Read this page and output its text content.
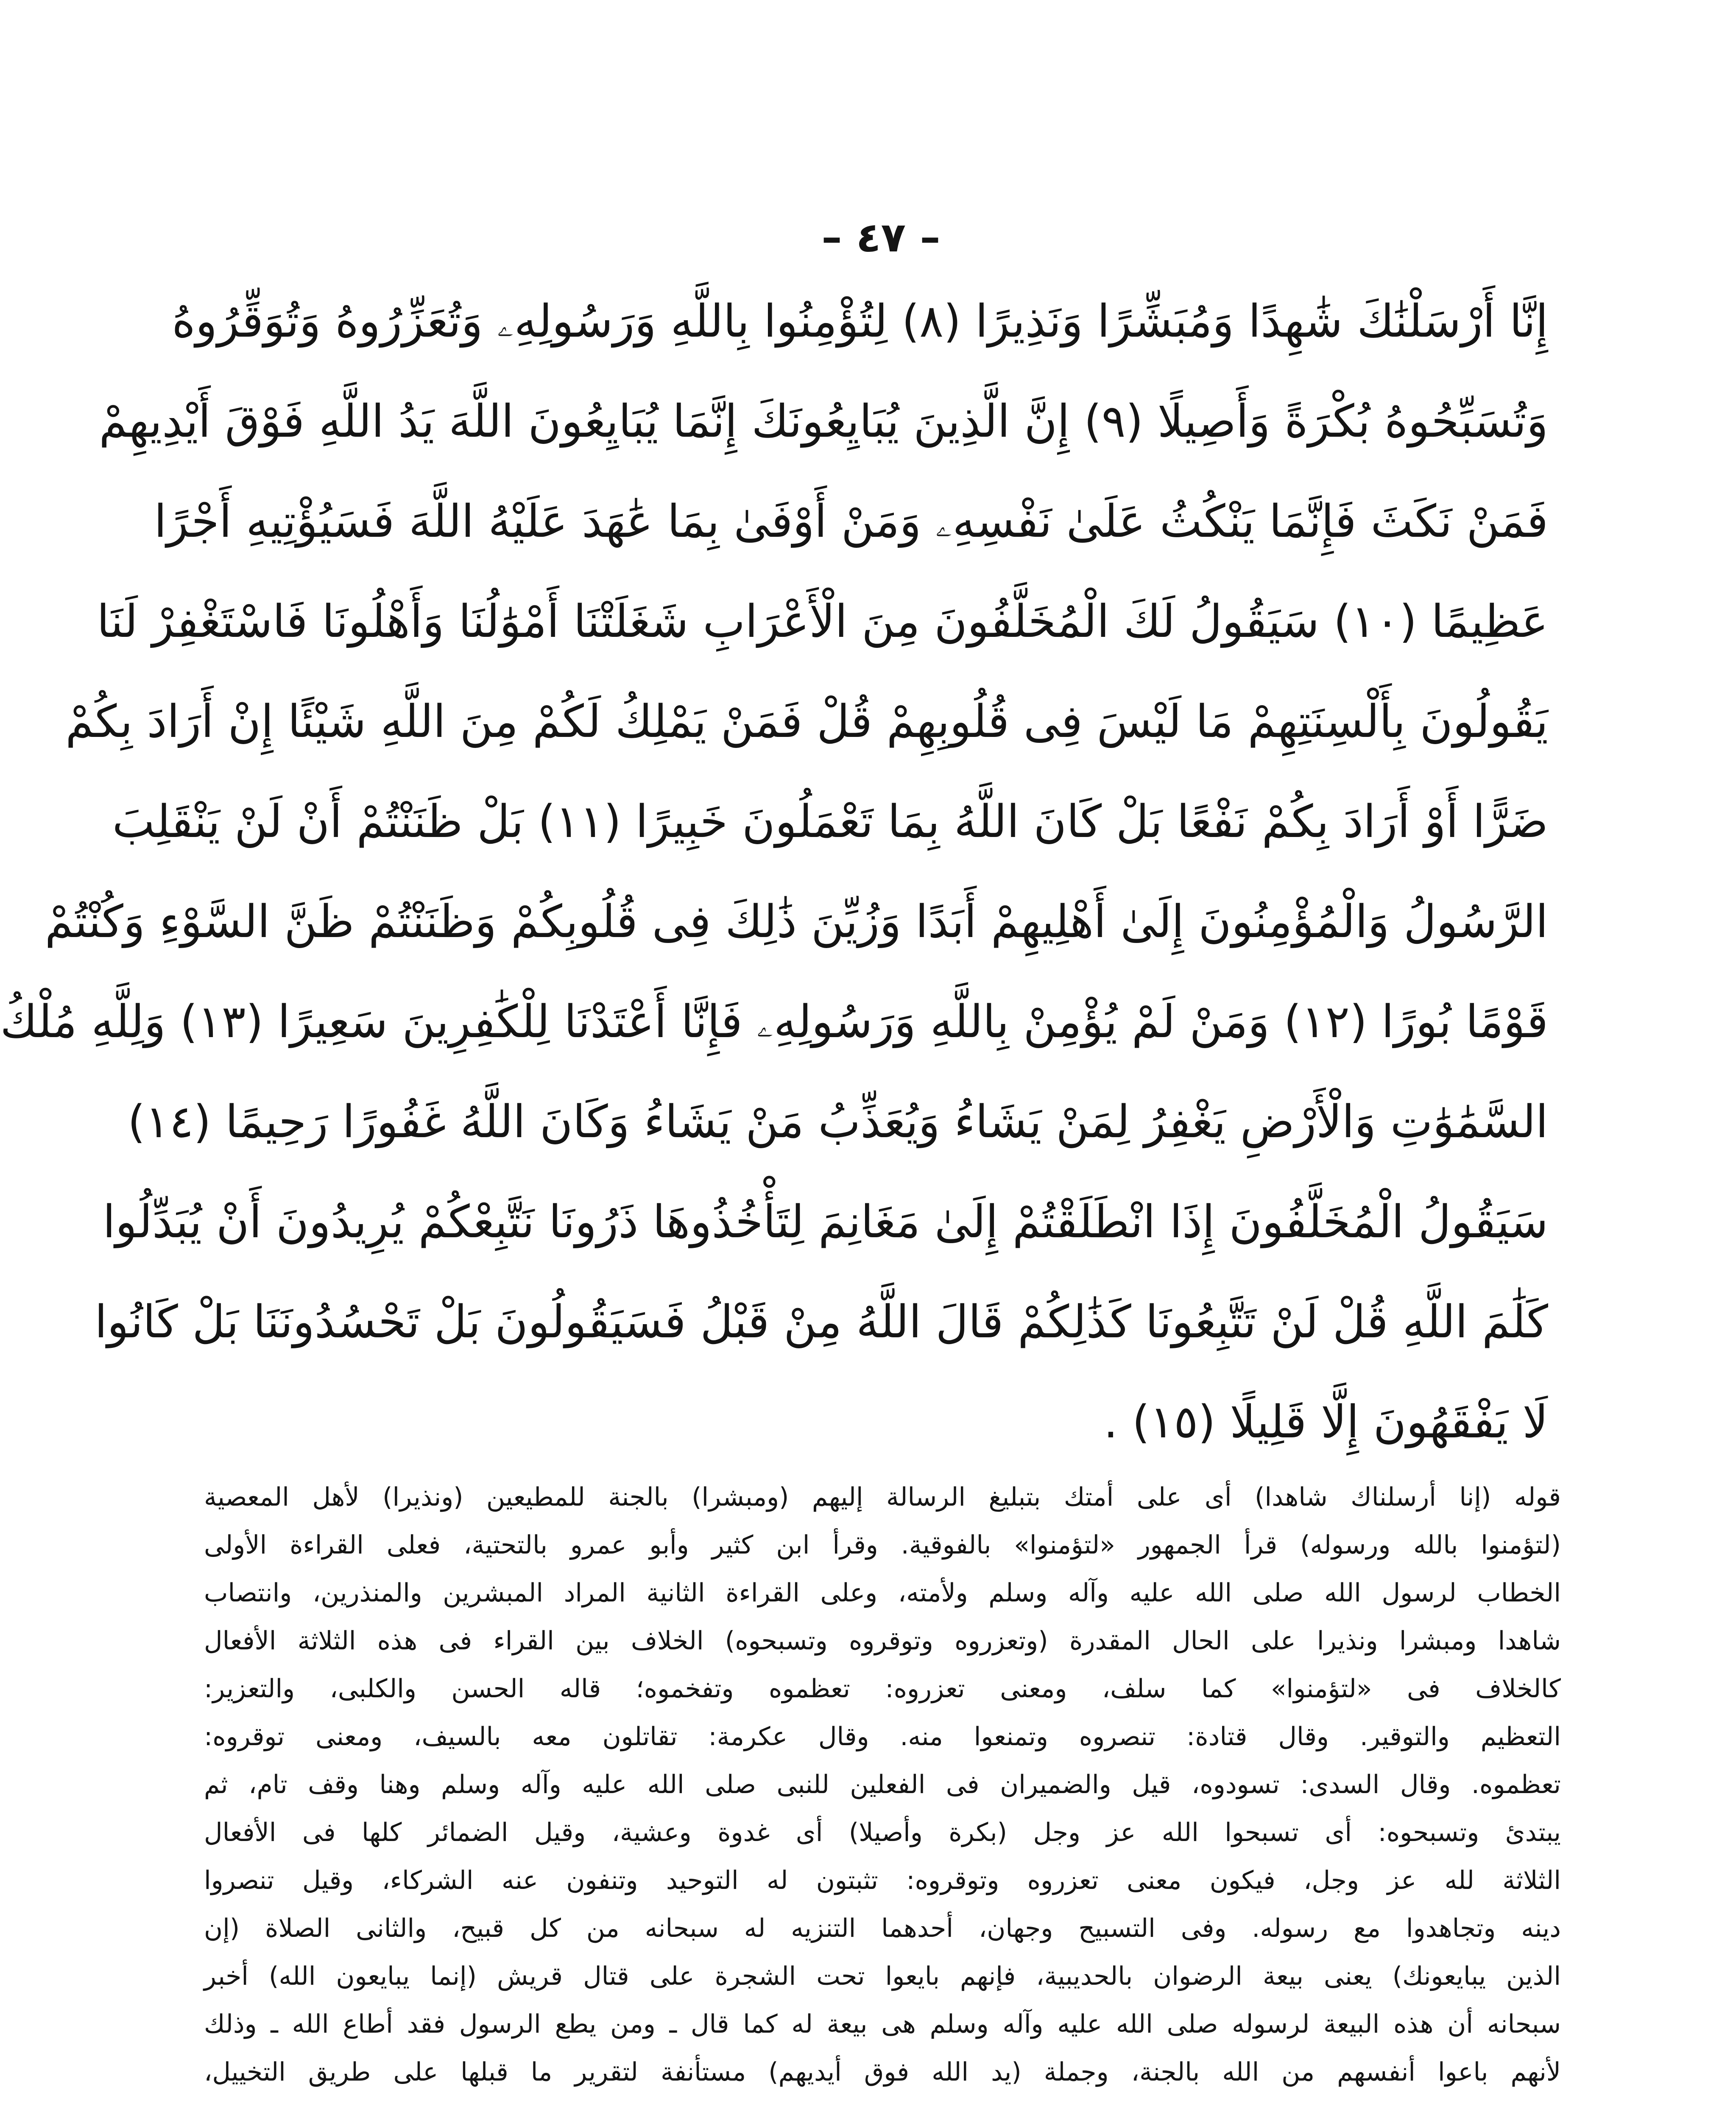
– ٤٧ –
إِنَّا أَرْسَلْنَٰكَ شَٰهِدًا وَمُبَشِّرًا وَنَذِيرًا (٨) لِتُؤْمِنُوا بِاللَّهِ وَرَسُولِهِۦ وَتُعَزِّرُوهُ وَتُوَقِّرُوهُ
وَتُسَبِّحُوهُ بُكْرَةً وَأَصِيلًا (٩) إِنَّ الَّذِينَ يُبَايِعُونَكَ إِنَّمَا يُبَايِعُونَ اللَّهَ يَدُ اللَّهِ فَوْقَ أَيْدِيهِمْ
فَمَنْ نَكَثَ فَإِنَّمَا يَنْكُثُ عَلَىٰ نَفْسِهِۦ وَمَنْ أَوْفَىٰ بِمَا عَٰهَدَ عَلَيْهُ اللَّهَ فَسَيُؤْتِيهِ أَجْرًا
عَظِيمًا (١٠) سَيَقُولُ لَكَ الْمُخَلَّفُونَ مِنَ الْأَعْرَابِ شَغَلَتْنَا أَمْوَٰلُنَا وَأَهْلُونَا فَاسْتَغْفِرْ لَنَا
يَقُولُونَ بِأَلْسِنَتِهِمْ مَا لَيْسَ فِى قُلُوبِهِمْ قُلْ فَمَنْ يَمْلِكُ لَكُمْ مِنَ اللَّهِ شَيْئًا إِنْ أَرَادَ بِكُمْ
ضَرًّا أَوْ أَرَادَ بِكُمْ نَفْعًا بَلْ كَانَ اللَّهُ بِمَا تَعْمَلُونَ خَبِيرًا (١١) بَلْ ظَنَنْتُمْ أَنْ لَنْ يَنْقَلِبَ
الرَّسُولُ وَالْمُؤْمِنُونَ إِلَىٰ أَهْلِيهِمْ أَبَدًا وَزُيِّنَ ذَٰلِكَ فِى قُلُوبِكُمْ وَظَنَنْتُمْ ظَنَّ السَّوْءِ وَكُنْتُمْ
قَوْمًا بُورًا (١٢) وَمَنْ لَمْ يُؤْمِنْ بِاللَّهِ وَرَسُولِهِۦ فَإِنَّا أَعْتَدْنَا لِلْكَٰفِرِينَ سَعِيرًا (١٣) وَلِلَّهِ مُلْكُ
السَّمَٰوَٰتِ وَالْأَرْضِ يَغْفِرُ لِمَنْ يَشَاءُ وَيُعَذِّبُ مَنْ يَشَاءُ وَكَانَ اللَّهُ غَفُورًا رَحِيمًا (١٤)
سَيَقُولُ الْمُخَلَّفُونَ إِذَا انْطَلَقْتُمْ إِلَىٰ مَغَانِمَ لِتَأْخُذُوهَا ذَرُونَا نَتَّبِعْكُمْ يُرِيدُونَ أَنْ يُبَدِّلُوا
كَلَٰمَ اللَّهِ قُلْ لَنْ تَتَّبِعُونَا كَذَٰلِكُمْ قَالَ اللَّهُ مِنْ قَبْلُ فَسَيَقُولُونَ بَلْ تَحْسُدُونَنَا بَلْ كَانُوا
لَا يَفْقَهُونَ إِلَّا قَلِيلًا (١٥) .
قوله (إنا أرسلناك شاهدا) أى على أمتك بتبليغ الرسالة إليهم (ومبشرا) بالجنة للمطيعين (ونذيرا) لأهل المعصية
(لتؤمنوا بالله ورسوله) قرأ الجمهور «لتؤمنوا» بالفوقية. وقرأ ابن كثير وأبو عمرو بالتحتية، فعلى القراءة الأولى
الخطاب لرسول الله صلى الله عليه وآله وسلم ولأمته، وعلى القراءة الثانية المراد المبشرين والمنذرين، وانتصاب
شاهدا ومبشرا ونذيرا على الحال المقدرة (وتعزروه وتوقروه وتسبحوه) الخلاف بين القراء فى هذه الثلاثة الأفعال
كالخلاف فى «لتؤمنوا» كما سلف، ومعنى تعزروه: تعظموه وتفخموه؛ قاله الحسن والكلبى، والتعزير:
التعظيم والتوقير. وقال قتادة: تنصروه وتمنعوا منه. وقال عكرمة: تقاتلون معه بالسيف، ومعنى توقروه:
تعظموه. وقال السدى: تسودوه، قيل والضميران فى الفعلين للنبى صلى الله عليه وآله وسلم وهنا وقف تام، ثم
يبتدئ وتسبحوه: أى تسبحوا الله عز وجل (بكرة وأصيلا) أى غدوة وعشية، وقيل الضمائر كلها فى الأفعال
الثلاثة لله عز وجل، فيكون معنى تعزروه وتوقروه: تثبتون له التوحيد وتنفون عنه الشركاء، وقيل تنصروا
دينه وتجاهدوا مع رسوله. وفى التسبيح وجهان، أحدهما التنزيه له سبحانه من كل قبيح، والثانى الصلاة (إن
الذين يبايعونك) يعنى بيعة الرضوان بالحديبية، فإنهم بايعوا تحت الشجرة على قتال قريش (إنما يبايعون الله) أخبر
سبحانه أن هذه البيعة لرسوله صلى الله عليه وآله وسلم هى بيعة له كما قال ـ ومن يطع الرسول فقد أطاع الله ـ وذلك
لأنهم باعوا أنفسهم من الله بالجنة، وجملة (يد الله فوق أيديهم) مستأنفة لتقرير ما قبلها على طريق التخييل،
